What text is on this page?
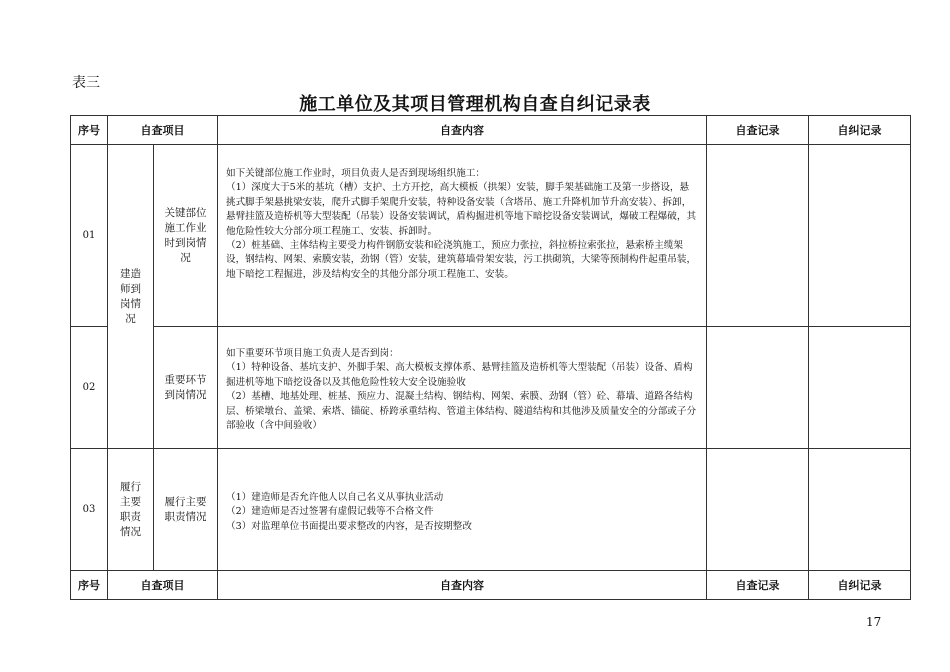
表三
施工单位及其项目管理机构自查自纠记录表
序号	自查项目		自查内容	自查记录	自纠记录
01	建造师到岗情况	关键部位施工作业时到岗情况	如下关键部位施工作业时，项目负责人是否到现场组织施工：
（1）深度大于5米的基坑（槽）支护、土方开挖，高大模板（拱架）安装，脚手架基础施工及第一步搭设，悬挑式脚手架悬挑梁安装，爬升式脚手架爬升安装，特种设备安装（含塔吊、施工升降机加节升高安装）、拆卸，悬臂挂篮及造桥机等大型装配（吊装）设备安装调试，盾构掘进机等地下暗挖设备安装调试，爆破工程爆破，其他危险性较大分部分项工程施工、安装、拆卸时。
（2）桩基础、主体结构主要受力构件钢筋安装和砼浇筑施工，预应力张拉，斜拉桥拉索张拉，悬索桥主缆架设，钢结构、网架、索膜安装，劲钢（管）安装，建筑幕墙骨架安装，污工拱砌筑，大梁等预制构件起重吊装，地下暗挖工程掘进，涉及结构安全的其他分部分项工程施工、安装。		

02		重要环节到岗情况	如下重要环节项目施工负责人是否到岗：
（1）特种设备、基坑支护、外脚手架、高大模板支撑体系、悬臂挂篮及造桥机等大型装配（吊装）设备、盾构掘进机等地下暗挖设备以及其他危险性较大安全设施验收
（2）基槽、地基处理、桩基、预应力、混凝土结构、钢结构、网架、索膜、劲钢（管）砼、幕墙、道路各结构层、桥梁墩台、盖梁、索塔、锚碇、桥跨承重结构、管道主体结构、隧道结构和其他涉及质量安全的分部或子分部验收（含中间验收）		

03	履行主要职责情况	履行主要职责情况	（1）建造师是否允许他人以自己名义从事执业活动
（2）建造师是否过签署有虚假记载等不合格文件
（3）对监理单位书面提出要求整改的内容，是否按期整改		

序号	自查项目		自查内容	自查记录	自纠记录
17
